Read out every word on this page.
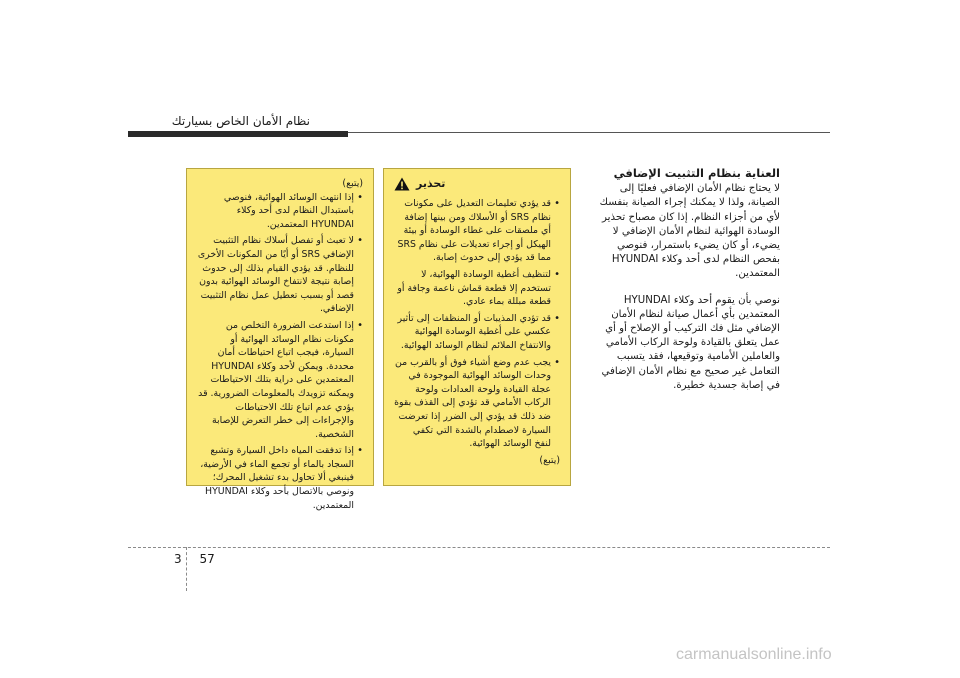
نظام الأمان الخاص بسيارتك

(يتبع)

• إذا انتهت الوسائد الهوائية، فنوصي باستبدال النظام لدى أحد وكلاء HYUNDAI المعتمدين.
• لا تعبث أو تفصل أسلاك نظام التثبيت الإضافي SRS أو أيًا من المكونات الأخرى للنظام. قد يؤدي القيام بذلك إلى حدوث إصابة نتيجة لانتفاخ الوسائد الهوائية بدون قصد أو بسبب تعطيل عمل نظام التثبيت الإضافي.
• إذا استدعت الضرورة التخلص من مكونات نظام الوسائد الهوائية أو السيارة، فيجب اتباع احتياطات أمان محددة. ويمكن لأحد وكلاء HYUNDAI المعتمدين على دراية بتلك الاحتياطات ويمكنه تزويدك بالمعلومات الضرورية. قد يؤدي عدم اتباع تلك الاحتياطات والإجراءات إلى خطر التعرض للإصابة الشخصية.
• إذا تدفقت المياه داخل السيارة وتشبع السجاد بالماء أو تجمع الماء في الأرضية، فينبغي ألا تحاول بدء تشغيل المحرك؛ ونوصي بالاتصال بأحد وكلاء HYUNDAI المعتمدين.
تحذير
• قد يؤدي تعليمات التعديل على مكونات نظام SRS أو الأسلاك ومن بينها إضافة أي ملصقات على غطاء الوسادة أو بيئة الهيكل أو إجراء تعديلات على نظام SRS مما قد يؤدي إلى حدوث إصابة.
• لتنظيف أغطية الوسادة الهوائية، لا تستخدم إلا قطعة قماش ناعمة وجافة أو قطعة مبللة بماء عادي.
• قد تؤدي المذيبات أو المنظفات إلى تأثير عكسي على أغطية الوسادة الهوائية والانتفاخ الملائم لنظام الوسائد الهوائية.
• يجب عدم وضع أشياء فوق أو بالقرب من وحدات الوسائد الهوائية الموجودة في عجلة القيادة ولوحة العدادات ولوحة الركاب الأمامي قد تؤدي إلى القذف بقوة ضد ذلك قد يؤدي إلى الضرر إذا تعرضت السيارة لاصطدام بالشدة التي تكفي لنفخ الوسائد الهوائية.

(يتبع)

العناية بنظام التثبيت الإضافي

لا يحتاج نظام الأمان الإضافي فعليًا إلى الصيانة، ولذا لا يمكنك إجراء الصيانة بنفسك لأي من أجزاء النظام. إذا كان مصباح تحذير الوسادة الهوائية لنظام الأمان الإضافي لا يضيء، أو كان يضيء باستمرار، فنوصي بفحص النظام لدى أحد وكلاء HYUNDAI المعتمدين.

نوصي بأن يقوم أحد وكلاء HYUNDAI المعتمدين بأي أعمال صيانة لنظام الأمان الإضافي مثل فك التركيب أو الإصلاح أو أي عمل يتعلق بالقيادة ولوحة الركاب الأمامي والعاملين الأمامية وتوقيعها، فقد يتسبب التعامل غير صحيح مع نظام الأمان الإضافي في إصابة جسدية خطيرة.

3 57
carmanualsonline.info
